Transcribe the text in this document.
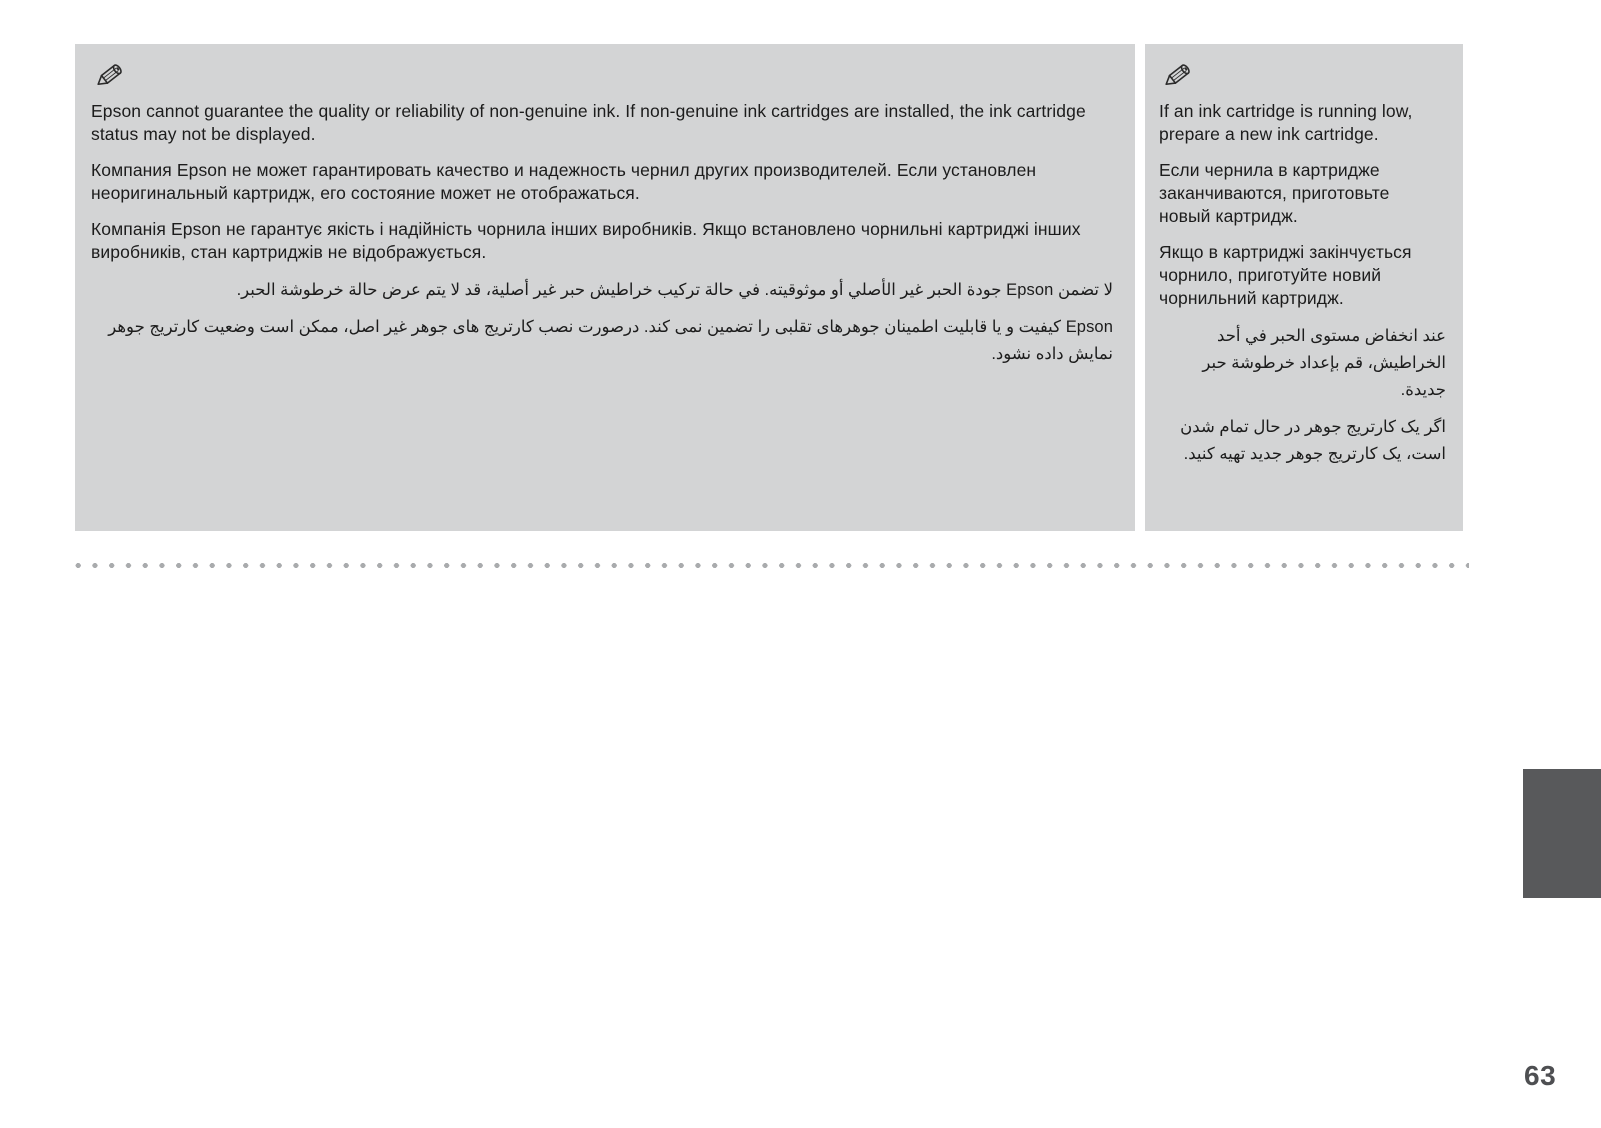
Epson cannot guarantee the quality or reliability of non-genuine ink. If non-genuine ink cartridges are installed, the ink cartridge status may not be displayed.

Компания Epson не может гарантировать качество и надежность чернил других производителей. Если установлен неоригинальный картридж, его состояние может не отображаться.

Компанія Epson не гарантує якість і надійність чорнила інших виробників. Якщо встановлено чорнильні картриджі інших виробників, стан картриджів не відображується.

لا تضمن Epson جودة الحبر غير الأصلي أو موثوقيته. في حالة تركيب خراطيش حبر غير أصلية، قد لا يتم عرض حالة خرطوشة الحبر.

Epson کیفیت و یا قابلیت اطمینان جوهرهای تقلبی را تضمین نمی کند. درصورت نصب کارتریج های جوهر غیر اصل، ممکن است وضعیت کارتریج جوهر نمایش داده نشود.

If an ink cartridge is running low, prepare a new ink cartridge.

Если чернила в картридже заканчиваются, приготовьте новый картридж.

Якщо в картриджі закінчується чорнило, приготуйте новий чорнильний картридж.

عند انخفاض مستوى الحبر في أحد الخراطيش، قم بإعداد خرطوشة حبر جديدة.

اگر یک کارتریج جوهر در حال تمام شدن است، یک کارتریج جوهر جدید تهیه کنید.

63
